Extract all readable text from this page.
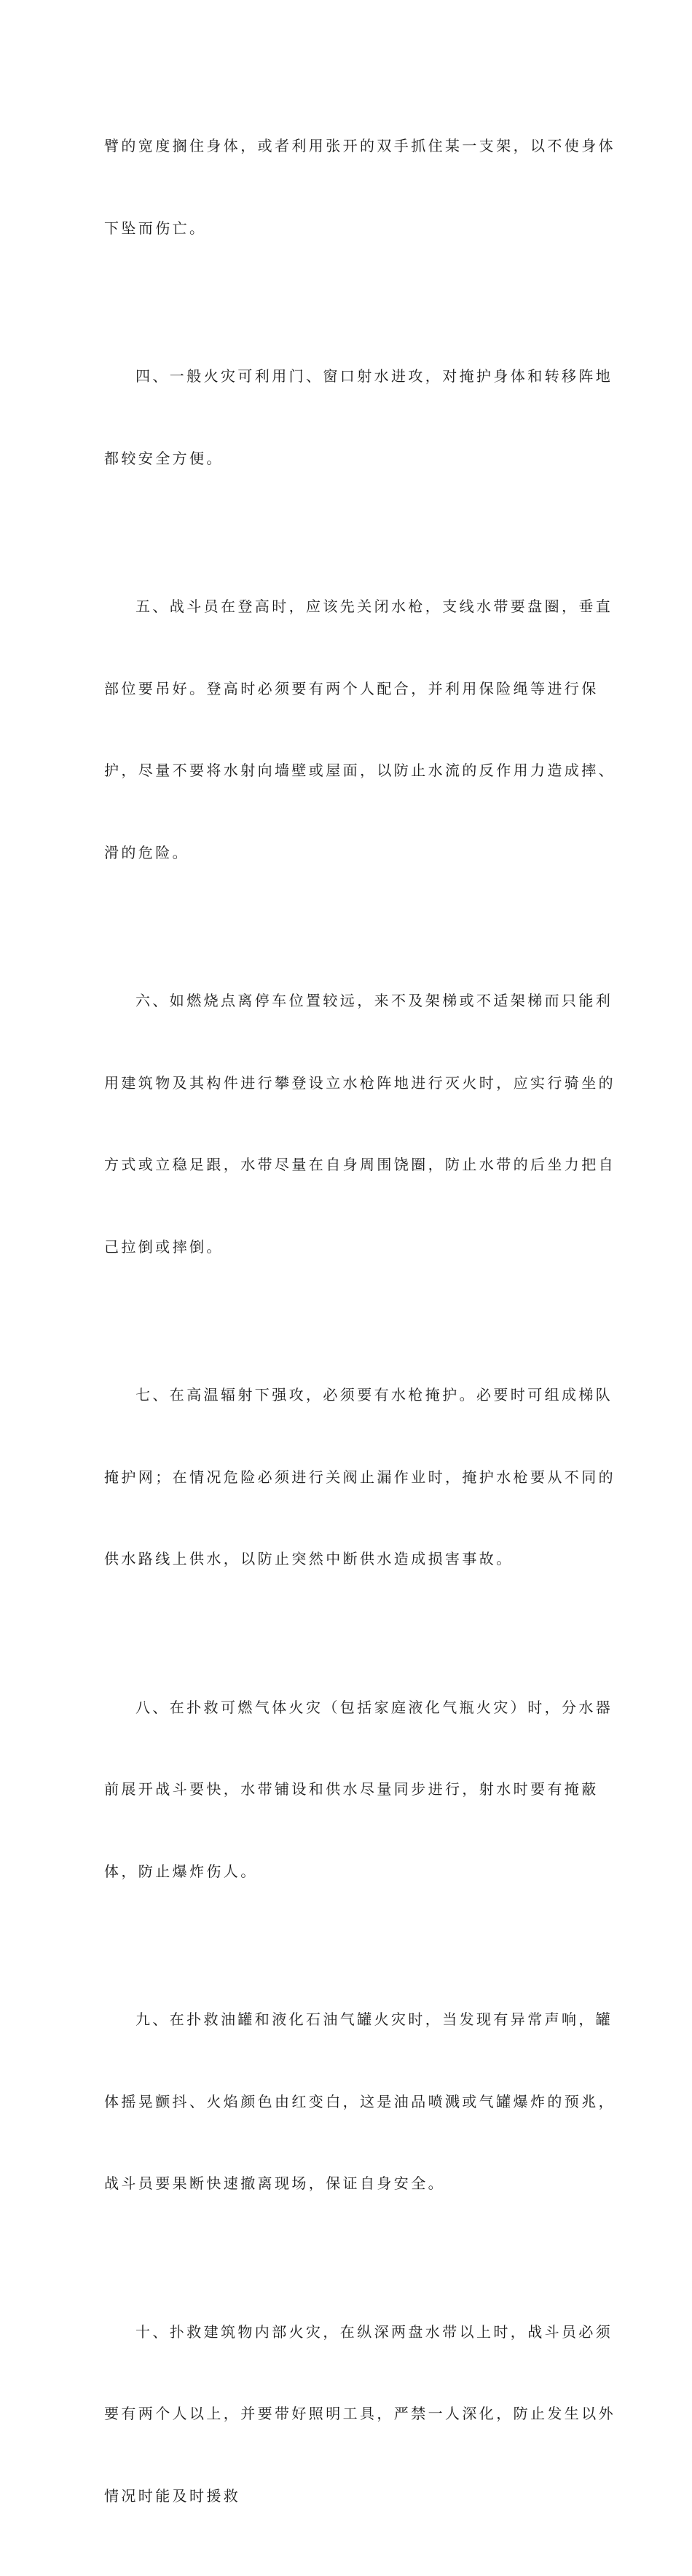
臂的宽度搁住身体，或者利用张开的双手抓住某一支架，以不使身体

下坠而伤亡。

四、一般火灾可利用门、窗口射水进攻，对掩护身体和转移阵地

都较安全方便。

五、战斗员在登高时，应该先关闭水枪，支线水带要盘圈，垂直

部位要吊好。登高时必须要有两个人配合，并利用保险绳等进行保

护，尽量不要将水射向墙壁或屋面，以防止水流的反作用力造成摔、

滑的危险。

六、如燃烧点离停车位置较远，来不及架梯或不适架梯而只能利

用建筑物及其构件进行攀登设立水枪阵地进行灭火时，应实行骑坐的

方式或立稳足跟，水带尽量在自身周围饶圈，防止水带的后坐力把自

己拉倒或摔倒。

七、在高温辐射下强攻，必须要有水枪掩护。必要时可组成梯队

掩护网；在情况危险必须进行关阀止漏作业时，掩护水枪要从不同的

供水路线上供水，以防止突然中断供水造成损害事故。

八、在扑救可燃气体火灾（包括家庭液化气瓶火灾）时，分水器

前展开战斗要快，水带铺设和供水尽量同步进行，射水时要有掩蔽

体，防止爆炸伤人。

九、在扑救油罐和液化石油气罐火灾时，当发现有异常声响，罐

体摇晃颤抖、火焰颜色由红变白，这是油品喷溅或气罐爆炸的预兆，

战斗员要果断快速撤离现场，保证自身安全。

十、扑救建筑物内部火灾，在纵深两盘水带以上时，战斗员必须

要有两个人以上，并要带好照明工具，严禁一人深化，防止发生以外

情况时能及时援救
